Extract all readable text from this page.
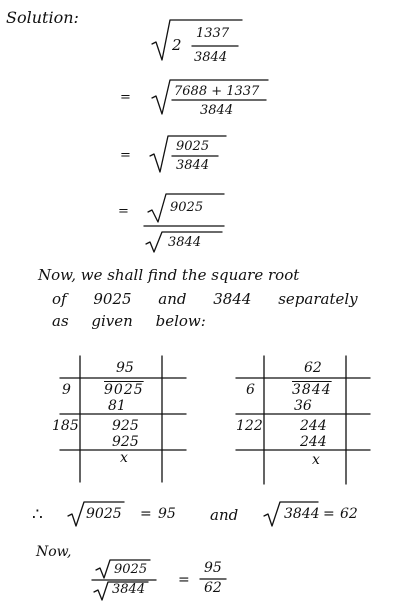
Solution:
2
1337
3844
=	7688 + 1337
3844
=
9025
3844
=	9025
3844
Now, we shall find the square root
of 9025 and 3844 separately
as given below:
95
9 9025
81
185 925
925
x
62
6	3844
36
122	244
244
x
∴	9025 = 95 and	3844 = 62
Now,
9025
3844
=
95
62
